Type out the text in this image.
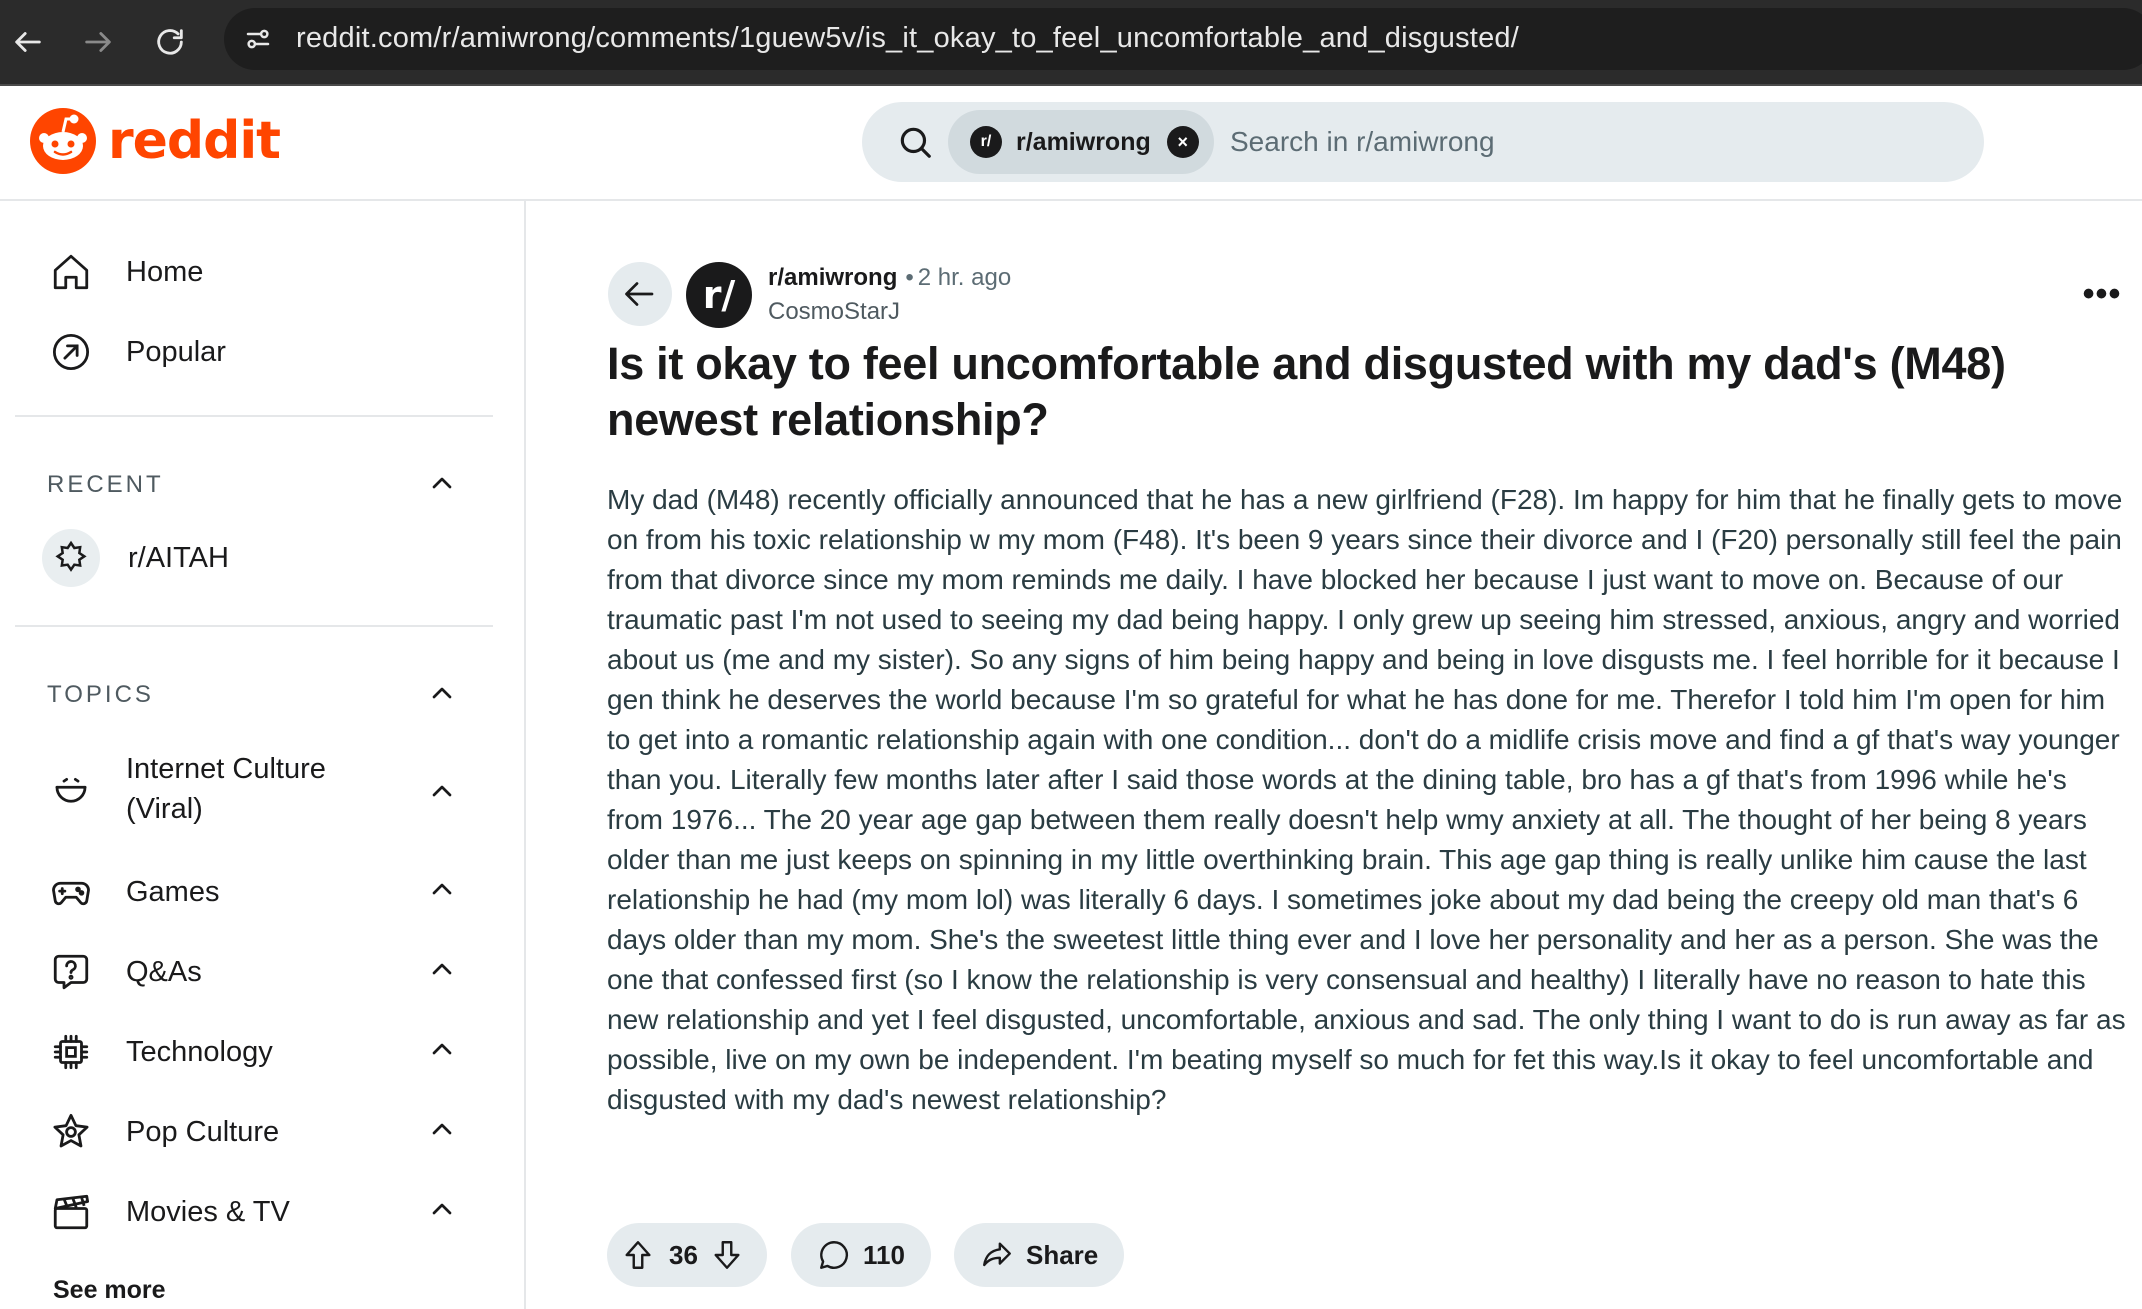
reddit.com/r/amiwrong/comments/1guew5v/is_it_okay_to_feel_uncomfortable_and_disgusted/
reddit	r/ r/amiwrong	×
Search in r/amiwrong
Home
Popular
RECENT
r/AITAH
TOPICS
Internet Culture (Viral)
Games
Q&As
Technology
Pop Culture
Movies & TV
See more
r/	r/amiwrong • 2 hr. ago
CosmoStarJ	•••
Is it okay to feel uncomfortable and disgusted with my dad's (M48) newest relationship?
My dad (M48) recently officially announced that he has a new girlfriend (F28). Im happy for him that he finally gets to move on from his toxic relationship w my mom (F48). It's been 9 years since their divorce and I (F20) personally still feel the pain from that divorce since my mom reminds me daily. I have blocked her because I just want to move on. Because of our traumatic past I'm not used to seeing my dad being happy. I only grew up seeing him stressed, anxious, angry and worried about us (me and my sister). So any signs of him being happy and being in love disgusts me. I feel horrible for it because I gen think he deserves the world because I'm so grateful for what he has done for me. Therefor I told him I'm open for him to get into a romantic relationship again with one condition... don't do a midlife crisis move and find a gf that's way younger than you. Literally few months later after I said those words at the dining table, bro has a gf that's from 1996 while he's from 1976... The 20 year age gap between them really doesn't help wmy anxiety at all. The thought of her being 8 years older than me just keeps on spinning in my little overthinking brain. This age gap thing is really unlike him cause the last relationship he had (my mom lol) was literally 6 days. I sometimes joke about my dad being the creepy old man that's 6 days older than my mom. She's the sweetest little thing ever and I love her personality and her as a person. She was the one that confessed first (so I know the relationship is very consensual and healthy) I literally have no reason to hate this new relationship and yet I feel disgusted, uncomfortable, anxious and sad. The only thing I want to do is run away as far as possible, live on my own be independent. I'm beating myself so much for fet this way.Is it okay to feel uncomfortable and disgusted with my dad's newest relationship?
36	110	Share
